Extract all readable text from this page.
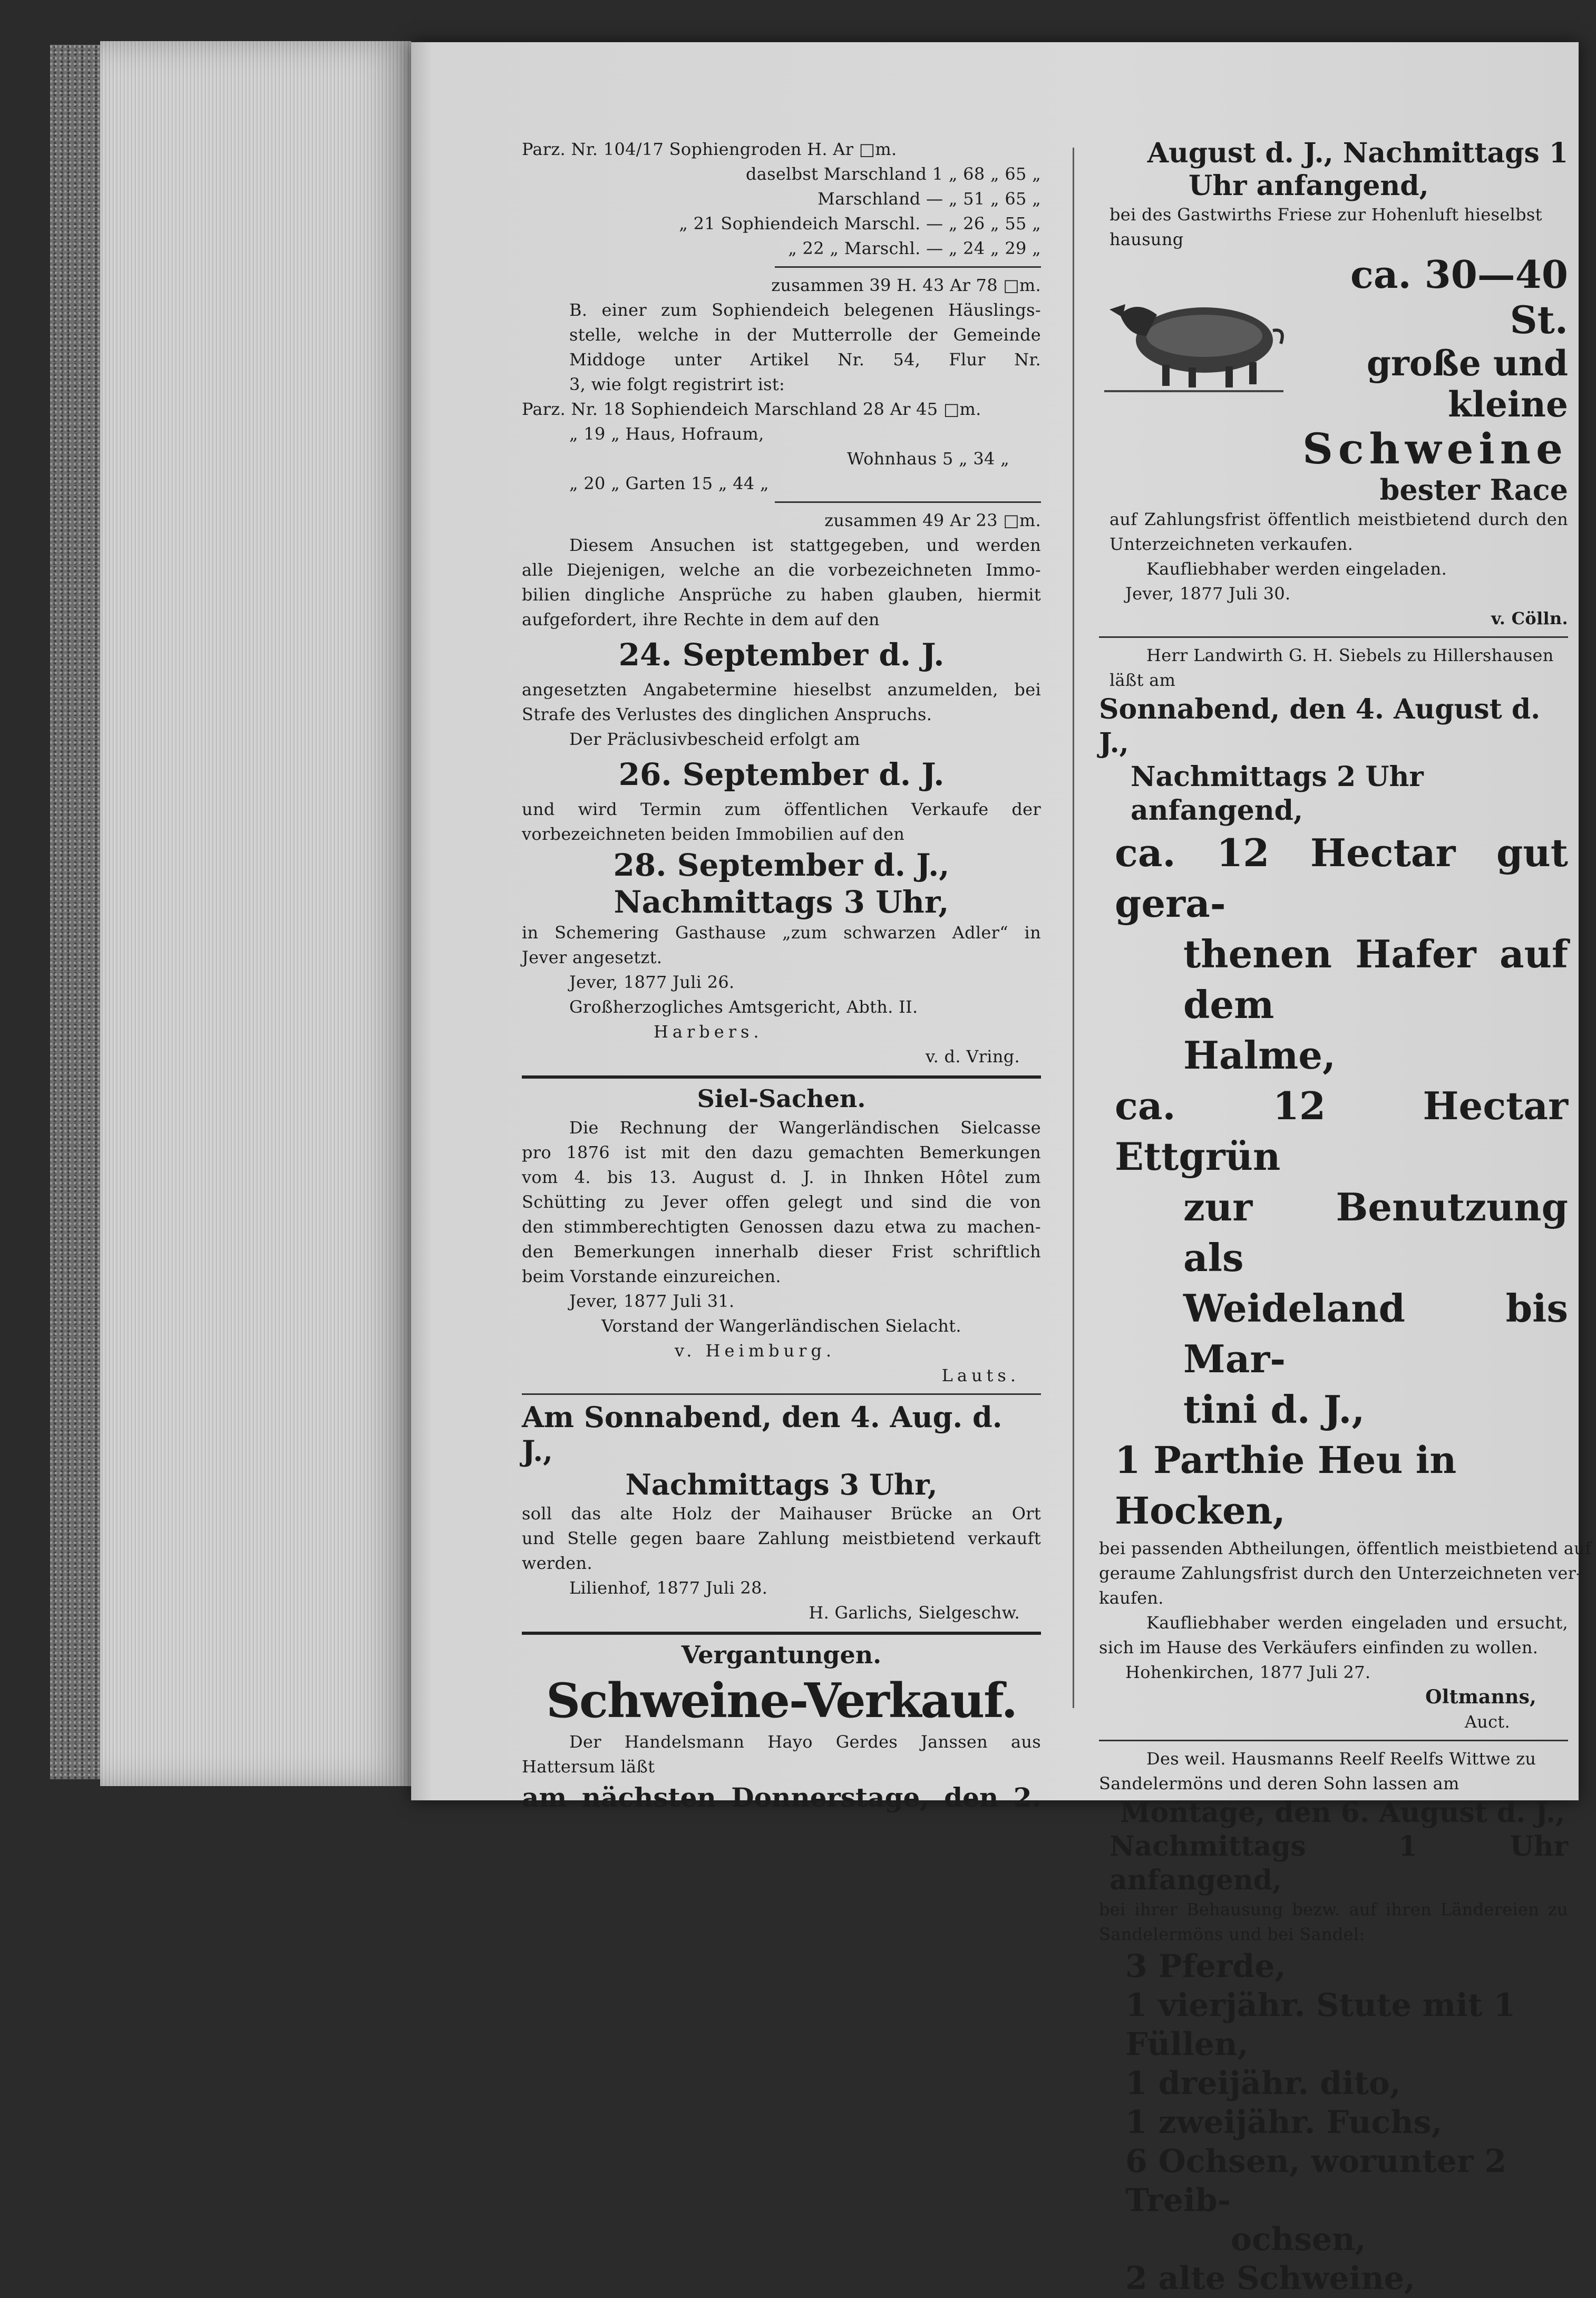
Parz. Nr. 104/17 Sophiengroden H. Ar □m.
daselbst Marschland 1 „ 68 „ 65 „
Marschland — „ 51 „ 65 „
„ 21 Sophiendeich Marschl. — „ 26 „ 55 „
„ 22 „ Marschl. — „ 24 „ 29 „
zusammen 39 H. 43 Ar 78 □m.
B. einer zum Sophiendeich belegenen Häuslings-
stelle, welche in der Mutterrolle der Gemeinde
Middoge unter Artikel Nr. 54, Flur Nr.
3, wie folgt registrirt ist:
Parz. Nr. 18 Sophiendeich Marschland 28 Ar 45 □m.
„ 19 „ Haus, Hofraum,
Wohnhaus 5 „ 34 „
„ 20 „ Garten 15 „ 44 „
zusammen 49 Ar 23 □m.
Diesem Ansuchen ist stattgegeben, und werden
alle Diejenigen, welche an die vorbezeichneten Immo-
bilien dingliche Ansprüche zu haben glauben, hiermit
aufgefordert, ihre Rechte in dem auf den
24. September d. J.
angesetzten Angabetermine hieselbst anzumelden, bei
Strafe des Verlustes des dinglichen Anspruchs.
Der Präclusivbescheid erfolgt am
26. September d. J.
und wird Termin zum öffentlichen Verkaufe der
vorbezeichneten beiden Immobilien auf den
28. September d. J.,
Nachmittags 3 Uhr,
in Schemering Gasthause „zum schwarzen Adler“ in
Jever angesetzt.
Jever, 1877 Juli 26.
Großherzogliches Amtsgericht, Abth. II.
Harbers.
v. d. Vring.
Siel-Sachen.
Die Rechnung der Wangerländischen Sielcasse
pro 1876 ist mit den dazu gemachten Bemerkungen
vom 4. bis 13. August d. J. in Ihnken Hôtel zum
Schütting zu Jever offen gelegt und sind die von
den stimmberechtigten Genossen dazu etwa zu machen-
den Bemerkungen innerhalb dieser Frist schriftlich
beim Vorstande einzureichen.
Jever, 1877 Juli 31.
Vorstand der Wangerländischen Sielacht.
v. Heimburg.
Lauts.
Am Sonnabend, den 4. Aug. d. J.,
Nachmittags 3 Uhr,
soll das alte Holz der Maihauser Brücke an Ort
und Stelle gegen baare Zahlung meistbietend verkauft
werden.
Lilienhof, 1877 Juli 28.
H. Garlichs, Sielgeschw.
Vergantungen.
Schweine-Verkauf.
Der Handelsmann Hayo Gerdes Janssen aus
Hattersum läßt
am nächsten Donnerstage, den 2.
August d. J., Nachmittags 1
Uhr anfangend,
bei des Gastwirths Friese zur Hohenluft hieselbst
hausung
ca. 30—40 St.
große und kleine
Schweine
bester Race
auf Zahlungsfrist öffentlich meistbietend durch den
Unterzeichneten verkaufen.
Kaufliebhaber werden eingeladen.
Jever, 1877 Juli 30.
v. Cölln.
Herr Landwirth G. H. Siebels zu Hillershausen
läßt am
Sonnabend, den 4. August d. J.,
Nachmittags 2 Uhr anfangend,
ca. 12 Hectar gut gera-
thenen Hafer auf dem
Halme,
ca. 12 Hectar Ettgrün
zur Benutzung als
Weideland bis Mar-
tini d. J.,
1 Parthie Heu in Hocken,
bei passenden Abtheilungen, öffentlich meistbietend auf
geraume Zahlungsfrist durch den Unterzeichneten ver-
kaufen.
Kaufliebhaber werden eingeladen und ersucht,
sich im Hause des Verkäufers einfinden zu wollen.
Hohenkirchen, 1877 Juli 27.
Oltmanns,
Auct.
Des weil. Hausmanns Reelf Reelfs Wittwe zu
Sandelermöns und deren Sohn lassen am
Montage, den 6. August d. J.,
Nachmittags 1 Uhr anfangend,
bei ihrer Behausung bezw. auf ihren Ländereien zu
Sandelermöns und bei Sandel:
3 Pferde,
1 vierjähr. Stute mit 1 Füllen,
1 dreijähr. dito,
1 zweijähr. Fuchs,
6 Ochsen, worunter 2 Treib-
ochsen,
2 alte Schweine,
